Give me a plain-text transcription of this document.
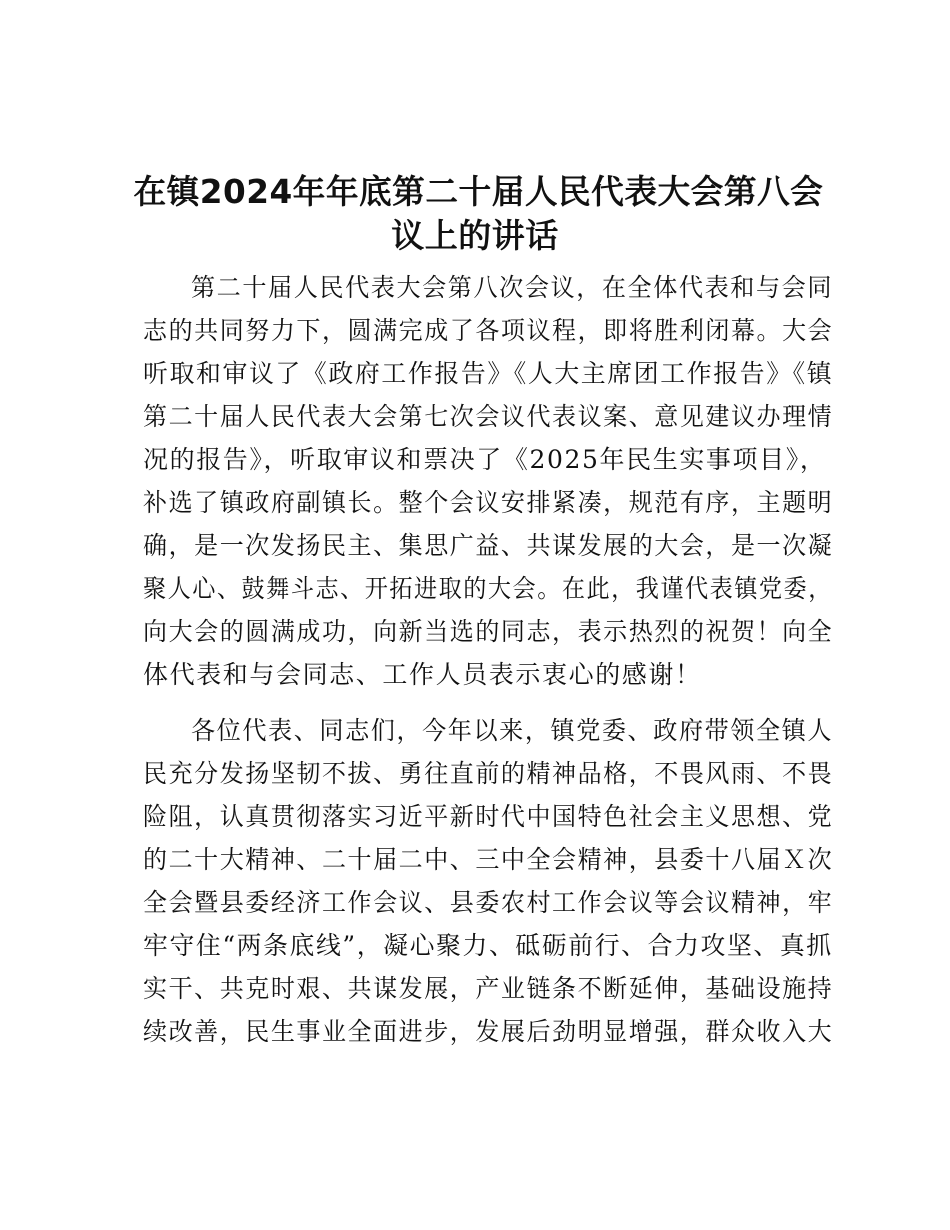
在镇2024年年底第二十届人民代表大会第八会
议上的讲话
第二十届人民代表大会第八次会议，在全体代表和与会同
志的共同努力下，圆满完成了各项议程，即将胜利闭幕。大会
听取和审议了《政府工作报告》《人大主席团工作报告》《镇
第二十届人民代表大会第七次会议代表议案、意见建议办理情
况的报告》，听取审议和票决了《2025年民生实事项目》，
补选了镇政府副镇长。整个会议安排紧凑，规范有序，主题明
确，是一次发扬民主、集思广益、共谋发展的大会，是一次凝
聚人心、鼓舞斗志、开拓进取的大会。在此，我谨代表镇党委，
向大会的圆满成功，向新当选的同志，表示热烈的祝贺！向全
体代表和与会同志、工作人员表示衷心的感谢！
各位代表、同志们，今年以来，镇党委、政府带领全镇人
民充分发扬坚韧不拔、勇往直前的精神品格，不畏风雨、不畏
险阻，认真贯彻落实习近平新时代中国特色社会主义思想、党
的二十大精神、二十届二中、三中全会精神，县委十八届Ｘ次
全会暨县委经济工作会议、县委农村工作会议等会议精神，牢
牢守住“两条底线”，凝心聚力、砥砺前行、合力攻坚、真抓
实干、共克时艰、共谋发展，产业链条不断延伸，基础设施持
续改善，民生事业全面进步，发展后劲明显增强，群众收入大
